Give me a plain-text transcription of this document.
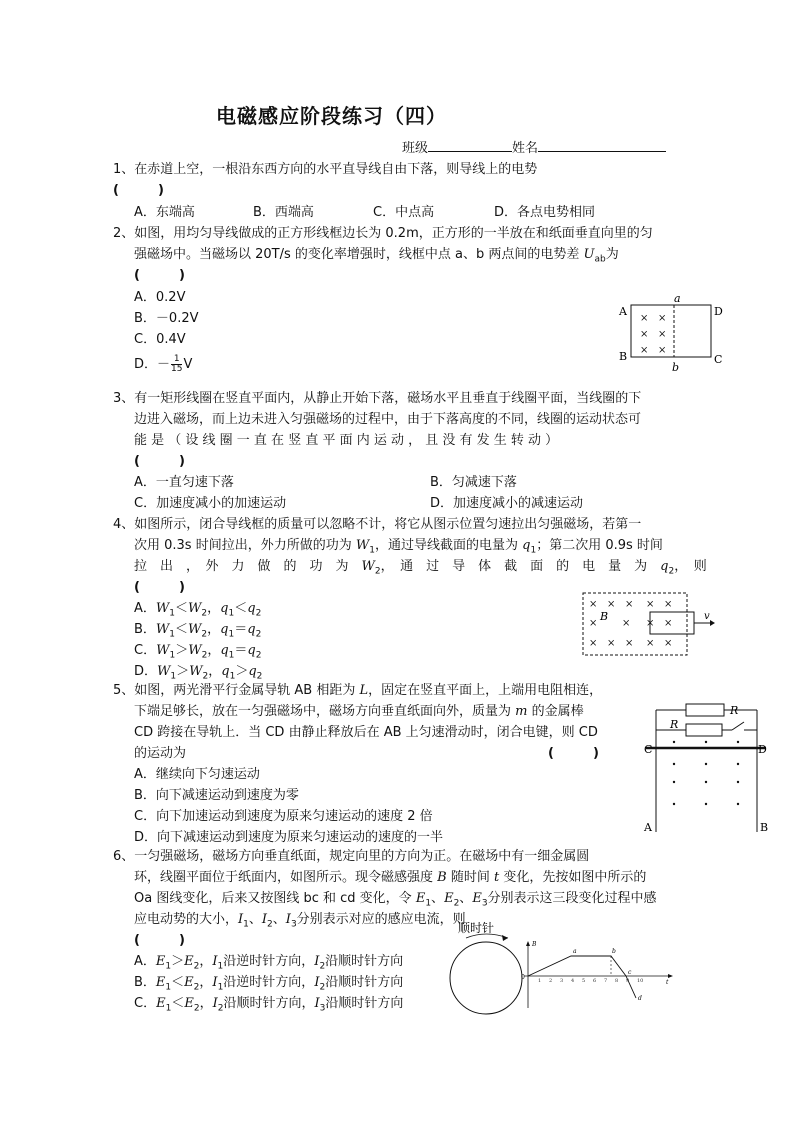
电磁感应阶段练习（四）
班级	姓名
1、在赤道上空，一根沿东西方向的水平直导线自由下落，则导线上的电势
(　　　)
A．东端高	B．西端高	C．中点高	D．各点电势相同
2、如图，用均匀导线做成的正方形线框边长为 0.2m，正方形的一半放在和纸面垂直向里的匀
强磁场中。当磁场以 20T/s 的变化率增强时，线框中点 a、b 两点间的电势差 $U_{ab}$为
(　　　)
A．0.2V
B．－0.2V
C．0.4V
D．－ $\frac{1}{15}$ V
× ×
× ×
× ×
A	D
B	C
a
b
3、有一矩形线圈在竖直平面内，从静止开始下落，磁场水平且垂直于线圈平面，当线圈的下
边进入磁场，而上边未进入匀强磁场的过程中，由于下落高度的不同，线圈的运动状态可
能 是 （ 设 线 圈 一 直 在 竖 直 平 面 内 运 动 ， 且 没 有 发 生 转 动 ）
(　　　)
A．一直匀速下落	B．匀减速下落
C．加速度减小的加速运动	D．加速度减小的减速运动
4、如图所示，闭合导线框的质量可以忽略不计，将它从图示位置匀速拉出匀强磁场，若第一
次用 0.3s 时间拉出，外力所做的功为 $W_1$，通过导线截面的电量为 $q_1$；第二次用 0.9s 时间
拉　出　，　外　力　做　的　功　为　 $W_2$，　通　过　导　体　截　面　的　电　量　为　 $q_2$，　则
(　　　)
A．$W_1<W_2$，$q_1<q_2$
B．$W_1<W_2$，$q_1=q_2$
C．$W_1>W_2$，$q_1=q_2$
D．$W_1>W_2$，$q_1>q_2$
× × × × ×
× × × ×
× × × × ×
B	v
5、如图，两光滑平行金属导轨 AB 相距为 L，固定在竖直平面上，上端用电阻相连，
下端足够长，放在一匀强磁场中，磁场方向垂直纸面向外，质量为 m 的金属棒
CD 跨接在导轨上．当 CD 由静止释放后在 AB 上匀速滑动时，闭合电键，则 CD
的运动为	(　　　)
A．继续向下匀速运动
B．向下减速运动到速度为零
C．向下加速运动到速度为原来匀速运动的速度 2 倍
D．向下减速运动到速度为原来匀速运动的速度的一半
R
R
C	D
A	B
6、一匀强磁场，磁场方向垂直纸面，规定向里的方向为正。在磁场中有一细金属圆
环，线圈平面位于纸面内，如图所示。现令磁感强度 B 随时间 t 变化，先按如图中所示的
Oa 图线变化，后来又按图线 bc 和 cd 变化，令 $E_1$、$E_2$、$E_3$分别表示这三段变化过程中感
应电动势的大小，$I_1$、$I_2$、$I_3$分别表示对应的感应电流，则
(　　　)
A．$E_1>E_2$，$I_1$沿逆时针方向，$I_2$沿顺时针方向
B．$E_1<E_2$，$I_1$沿逆时针方向，$I_2$沿顺时针方向
C．$E_1<E_2$，$I_2$沿顺时针方向，$I_3$沿顺时针方向
顺时针
1 2 3 4 5 6 7 8 9 10
B
t
0
a	b
c
d
